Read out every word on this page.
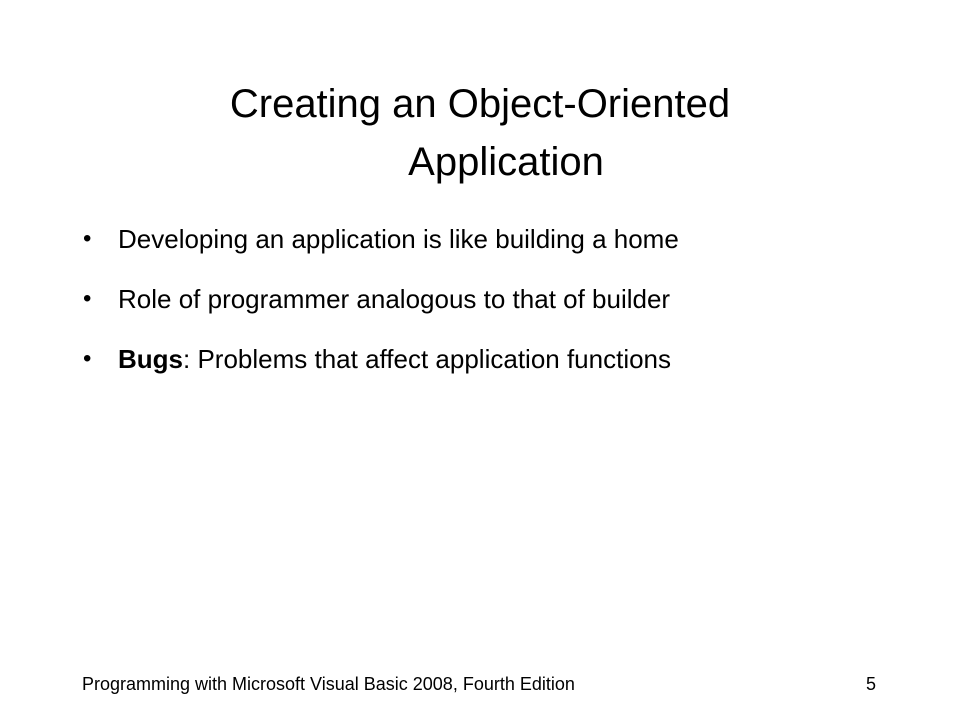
Creating an Object-Oriented
Application
• Developing an application is like building a home
• Role of programmer analogous to that of builder
• Bugs: Problems that affect application functions
Programming with Microsoft Visual Basic 2008, Fourth Edition	5
